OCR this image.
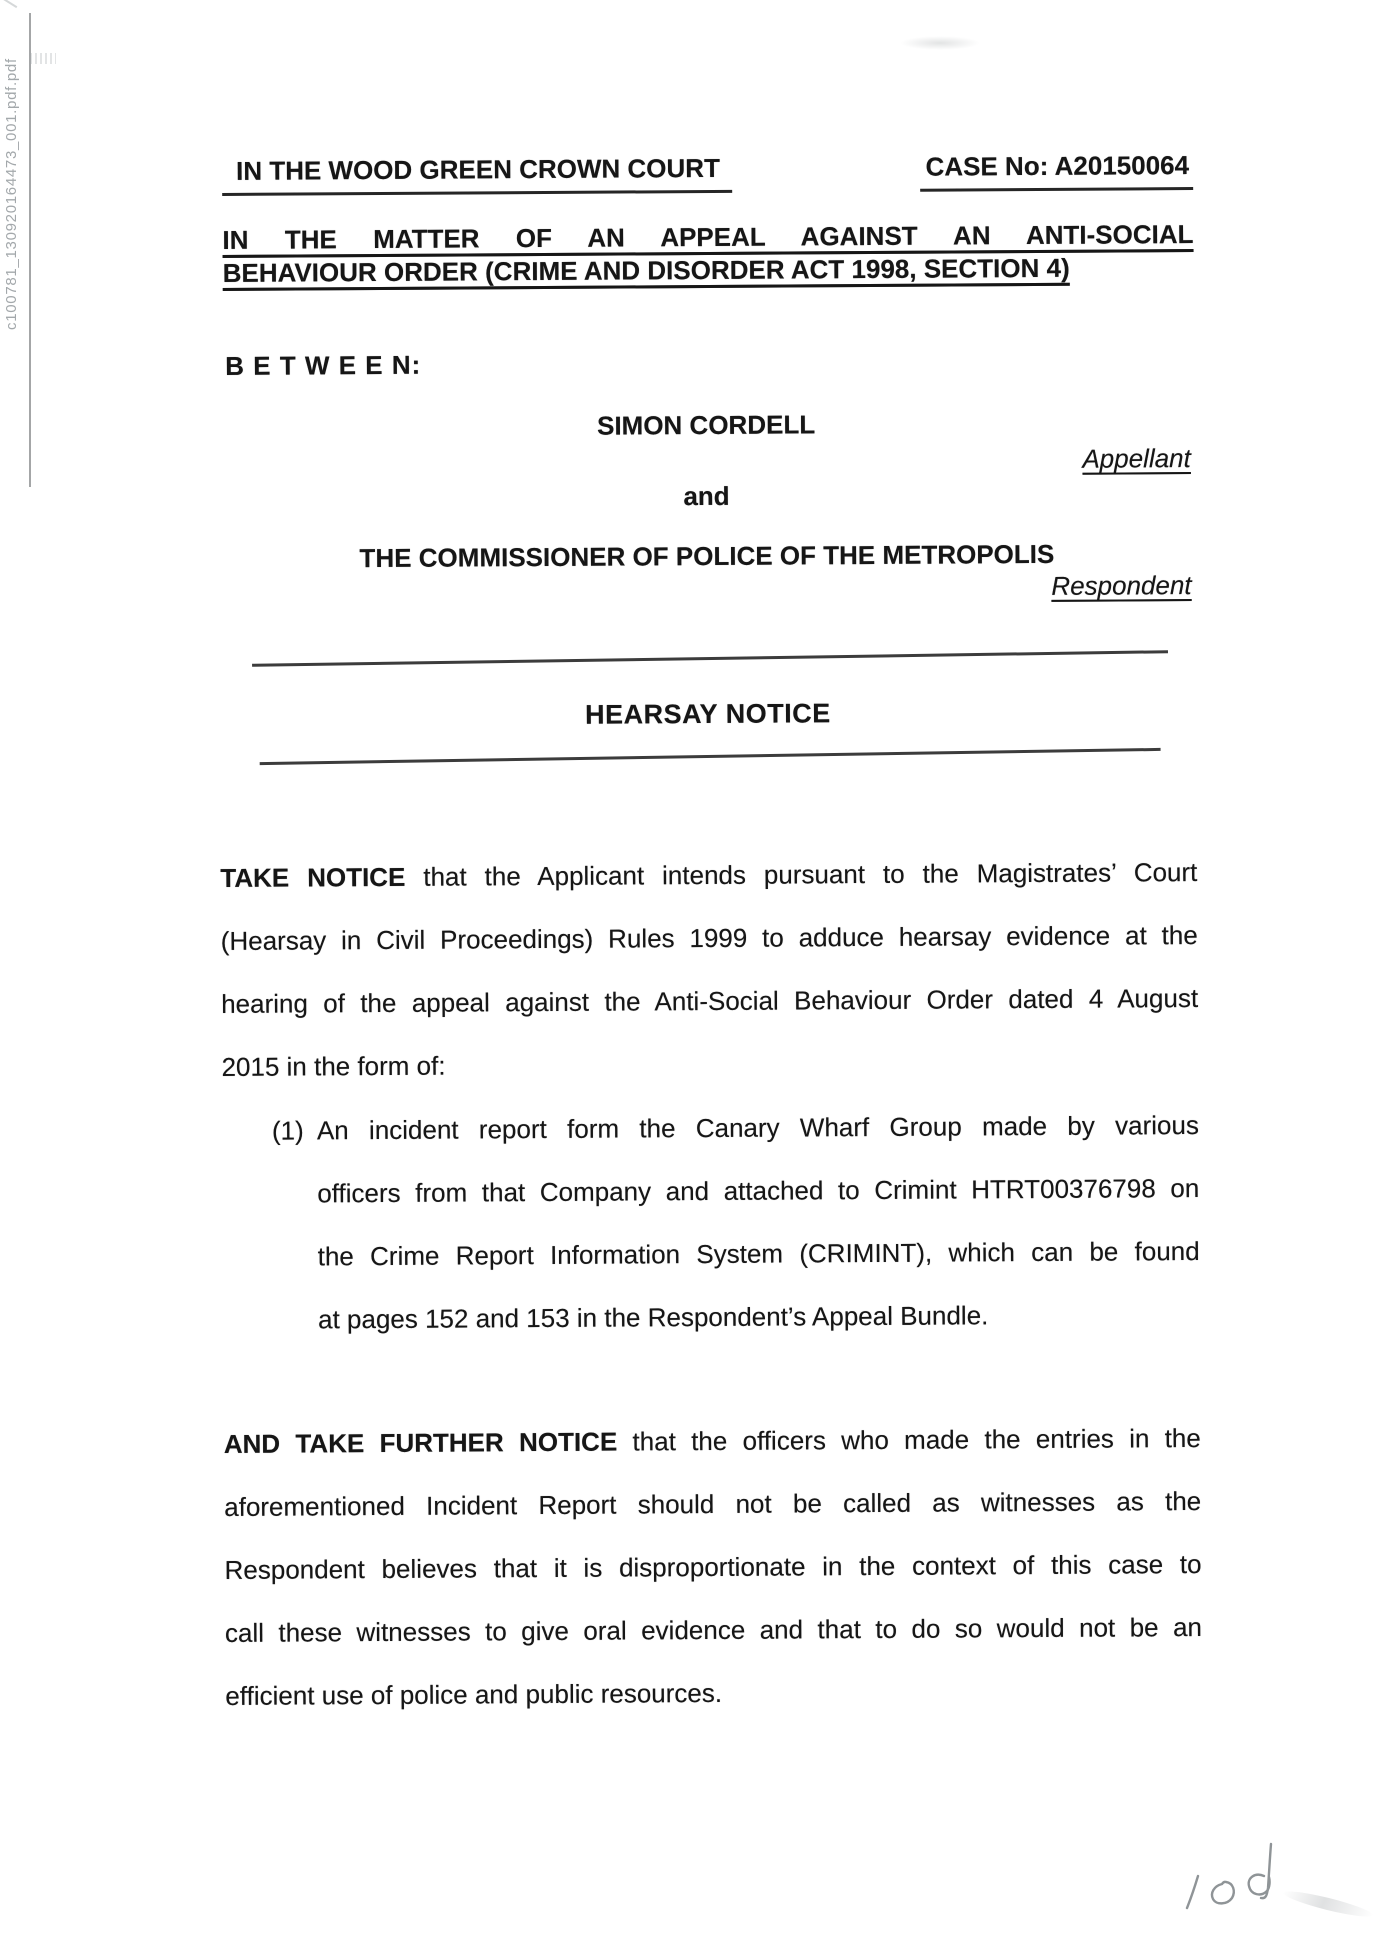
c100781_130920164473_001.pdf.pdf	IN THE WOOD GREEN CROWN COURT	CASE No: A20150064
IN THE MATTER OF AN APPEAL AGAINST AN ANTI-SOCIAL
BEHAVIOUR ORDER (CRIME AND DISORDER ACT 1998, SECTION 4)
B E T W E E N:
SIMON CORDELL
Appellant
and
THE COMMISSIONER OF POLICE OF THE METROPOLIS
Respondent
HEARSAY NOTICE
TAKE NOTICE that the Applicant intends pursuant to the Magistrates’ Court
(Hearsay in Civil Proceedings) Rules 1999 to adduce hearsay evidence at the
hearing of the appeal against the Anti-Social Behaviour Order dated 4 August
2015 in the form of:
(1) An incident report form the Canary Wharf Group made by various
officers from that Company and attached to Crimint HTRT00376798 on
the Crime Report Information System (CRIMINT), which can be found
at pages 152 and 153 in the Respondent’s Appeal Bundle.
AND TAKE FURTHER NOTICE that the officers who made the entries in the
aforementioned Incident Report should not be called as witnesses as the
Respondent believes that it is disproportionate in the context of this case to
call these witnesses to give oral evidence and that to do so would not be an
efficient use of police and public resources.
